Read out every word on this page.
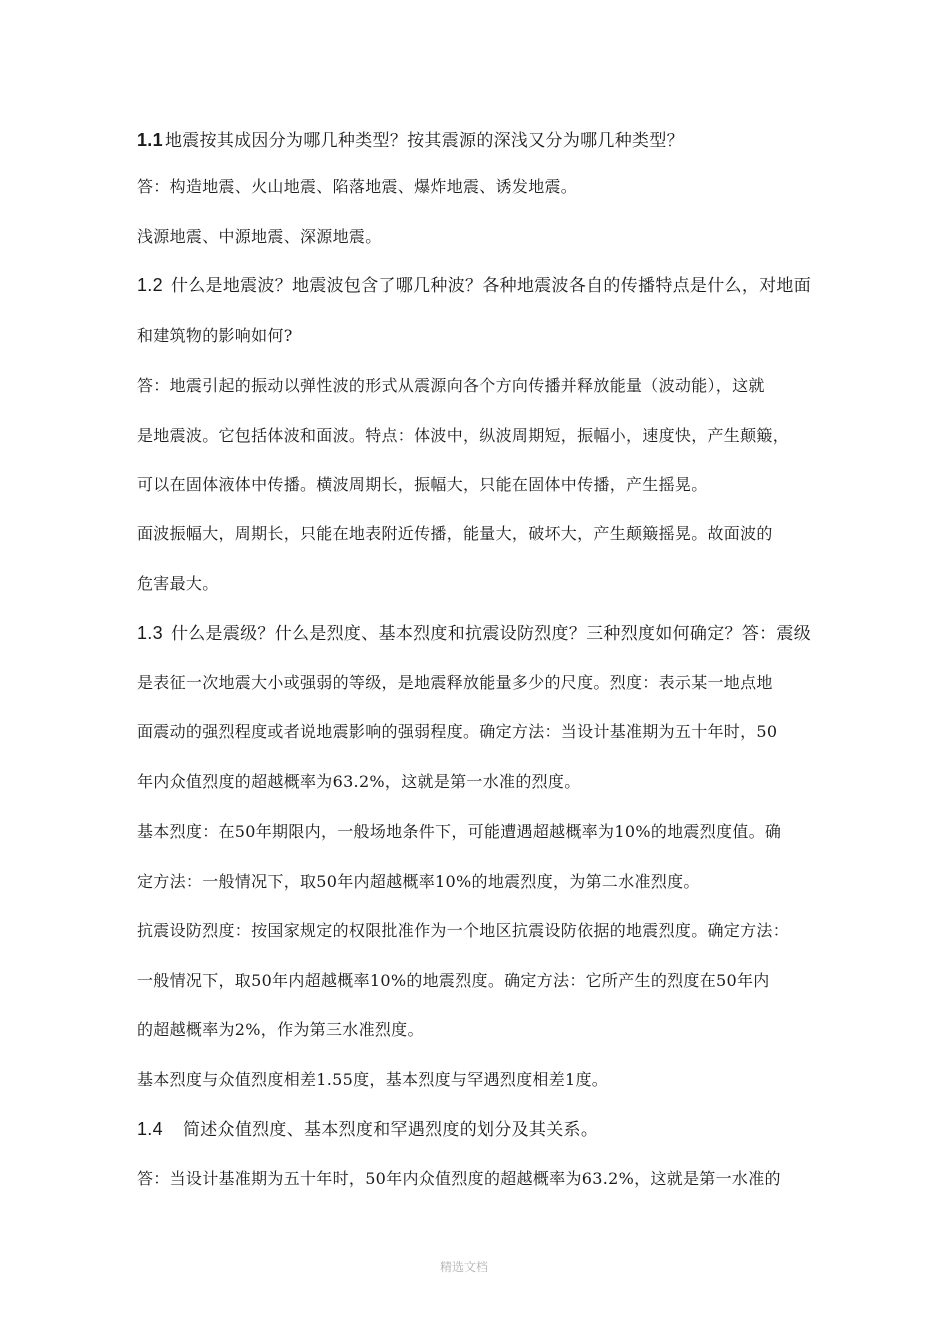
1.1 地震按其成因分为哪几种类型？按其震源的深浅又分为哪几种类型？
答：构造地震、火山地震、陷落地震、爆炸地震、诱发地震。
浅源地震、中源地震、深源地震。
1.2 什么是地震波？地震波包含了哪几种波？各种地震波各自的传播特点是什么，对地面
和建筑物的影响如何?
答：地震引起的振动以弹性波的形式从震源向各个方向传播并释放能量（波动能），这就
是地震波。它包括体波和面波。特点：体波中，纵波周期短，振幅小，速度快，产生颠簸，
可以在固体液体中传播。横波周期长，振幅大，只能在固体中传播，产生摇晃。
面波振幅大，周期长，只能在地表附近传播，能量大，破坏大，产生颠簸摇晃。故面波的
危害最大。
1.3 什么是震级？什么是烈度、基本烈度和抗震设防烈度？三种烈度如何确定？答：震级
是表征一次地震大小或强弱的等级，是地震释放能量多少的尺度。烈度：表示某一地点地
面震动的强烈程度或者说地震影响的强弱程度。确定方法：当设计基准期为五十年时，50
年内众值烈度的超越概率为63.2%，这就是第一水准的烈度。
基本烈度：在50年期限内，一般场地条件下，可能遭遇超越概率为10%的地震烈度值。确
定方法：一般情况下，取50年内超越概率10%的地震烈度，为第二水准烈度。
抗震设防烈度：按国家规定的权限批准作为一个地区抗震设防依据的地震烈度。确定方法：
一般情况下，取50年内超越概率10%的地震烈度。确定方法：它所产生的烈度在50年内
的超越概率为2%，作为第三水准烈度。
基本烈度与众值烈度相差1.55度，基本烈度与罕遇烈度相差1度。
1.4 简述众值烈度、基本烈度和罕遇烈度的划分及其关系。
答：当设计基准期为五十年时，50年内众值烈度的超越概率为63.2%，这就是第一水准的
精选文档
